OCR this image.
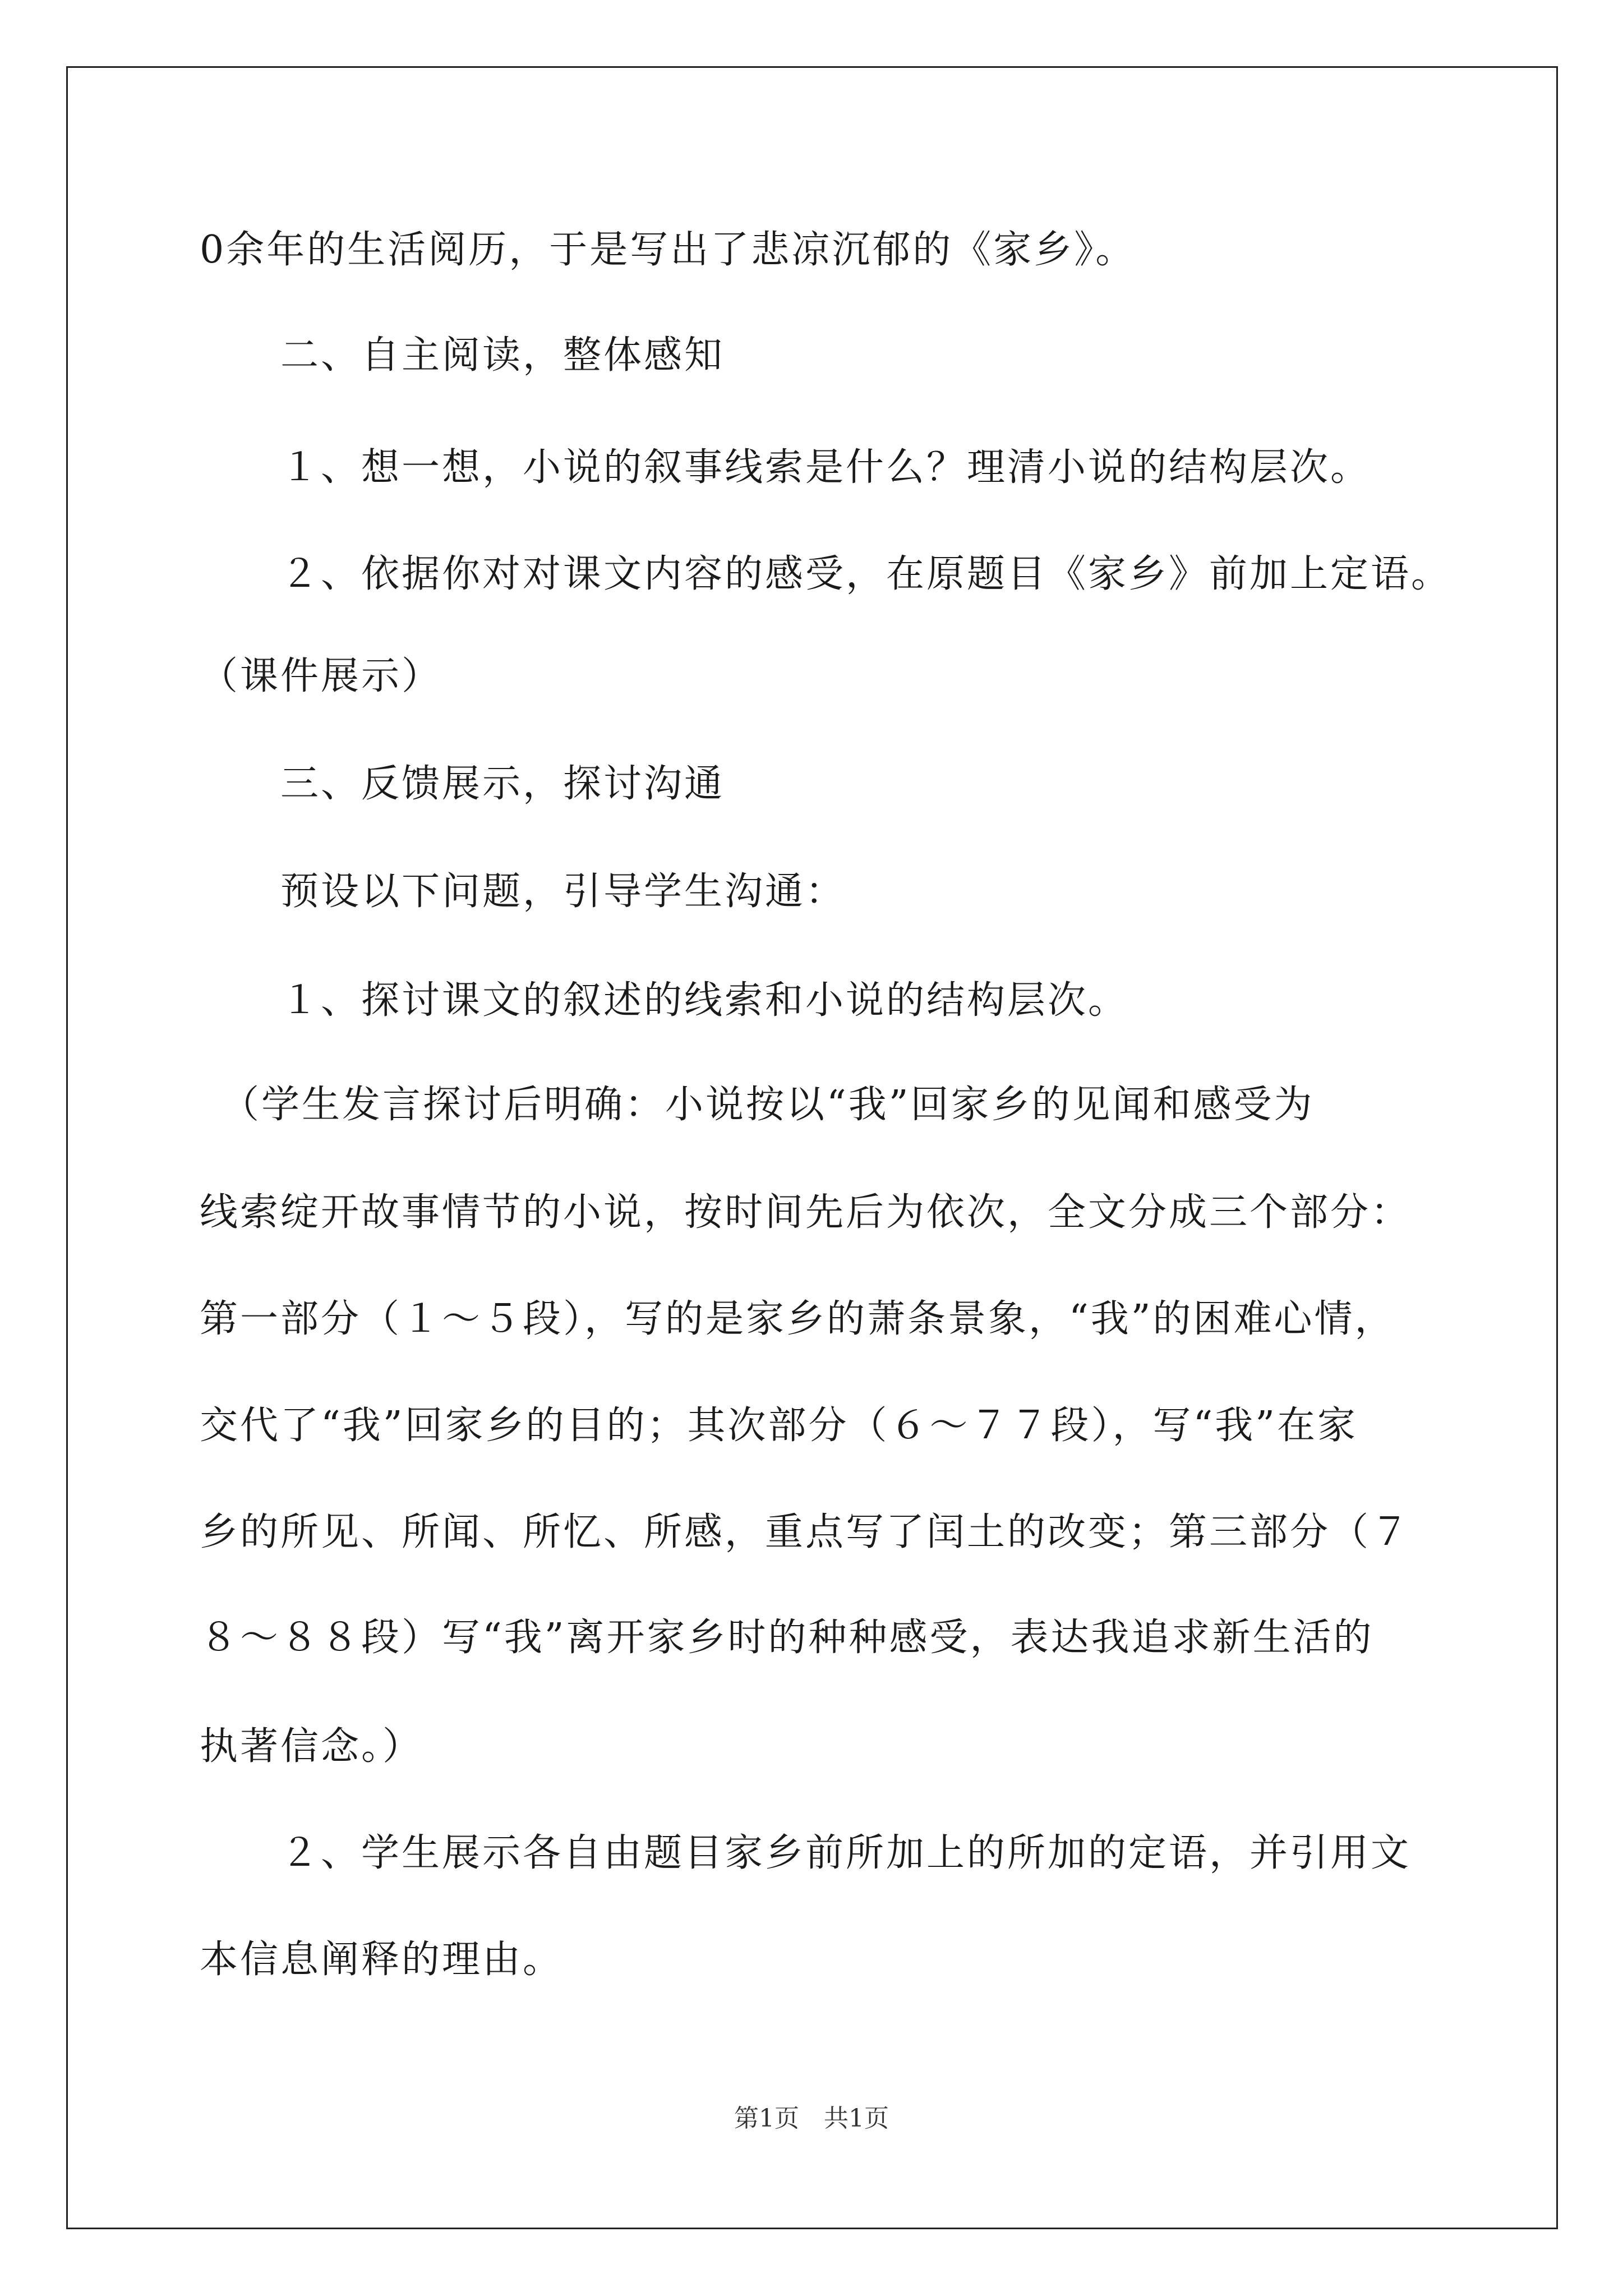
0余年的生活阅历，于是写出了悲凉沉郁的《家乡》。
　　二、自主阅读，整体感知
　　１、想一想，小说的叙事线索是什么？理清小说的结构层次。
　　２、依据你对对课文内容的感受，在原题目《家乡》前加上定语。
（课件展示）
　　三、反馈展示，探讨沟通
　　预设以下问题，引导学生沟通：
　　１、探讨课文的叙述的线索和小说的结构层次。
　（学生发言探讨后明确：小说按以“我”回家乡的见闻和感受为
线索绽开故事情节的小说，按时间先后为依次，全文分成三个部分：
第一部分（１～５段），写的是家乡的萧条景象，“我”的困难心情，
交代了“我”回家乡的目的；其次部分（６～７７段），写“我”在家
乡的所见、所闻、所忆、所感，重点写了闰土的改变；第三部分（７
８～８８段）写“我”离开家乡时的种种感受，表达我追求新生活的
执著信念。）
　　２、学生展示各自由题目家乡前所加上的所加的定语，并引用文
本信息阐释的理由。
第1页　共1页
